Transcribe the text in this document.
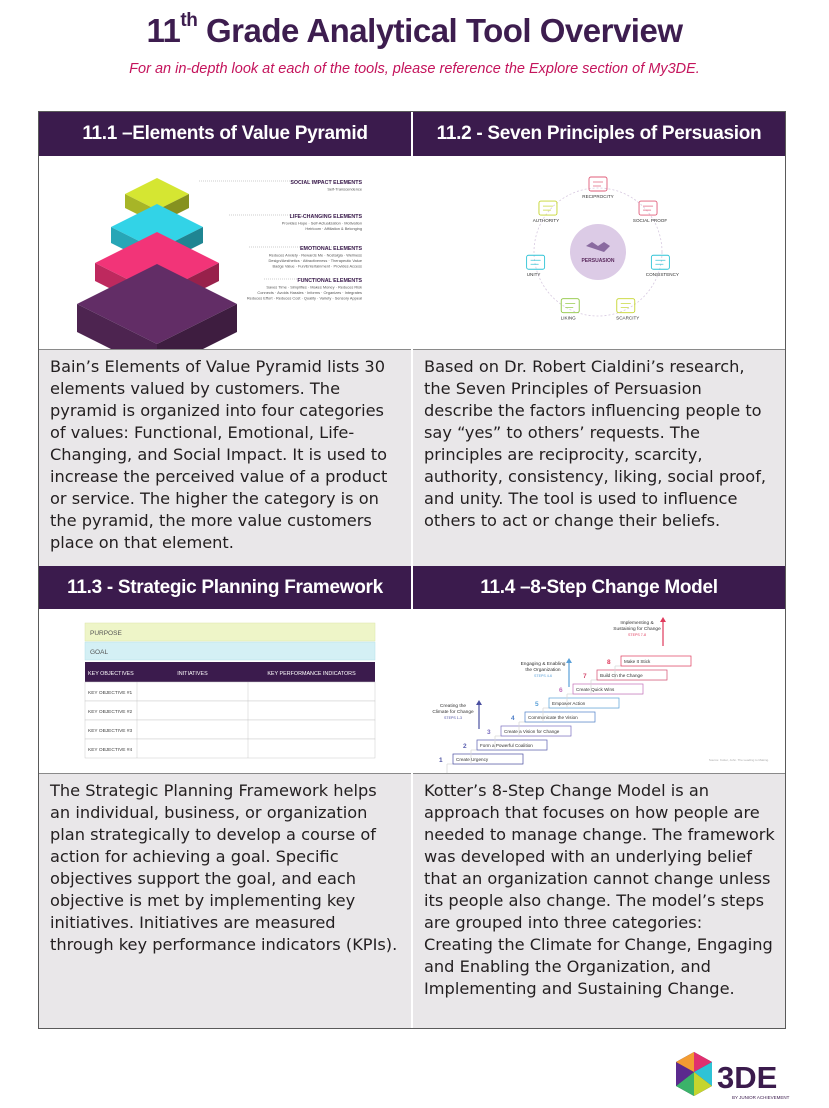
11th Grade Analytical Tool Overview
For an in-depth look at each of the tools, please reference the Explore section of My3DE.
11.1 –Elements of Value Pyramid	11.2 - Seven Principles of Persuasion
SOCIAL IMPACT ELEMENTS
Self-Transcendence
LIFE-CHANGING ELEMENTS
Provides Hope · Self-Actualization · Motivation
Heirloom · Affiliation & Belonging
EMOTIONAL ELEMENTS
Reduces Anxiety · Rewards Me · Nostalgia · Wellness
Design/Aesthetics · Attractiveness · Therapeutic Value
Badge Value · Fun/Entertainment · Provides Access
FUNCTIONAL ELEMENTS
Saves Time · Simplifies · Makes Money · Reduces Risk
Connects · Avoids Hassles · Informs · Organizes · Integrates
Reduces Effort · Reduces Cost · Quality · Variety · Sensory Appeal
PERSUASION
RECIPROCITY
SOCIAL PROOF
CONSISTENCY
SCARCITY
LIKING
UNITY
AUTHORITY
Bain’s Elements of Value Pyramid lists 30 elements valued by customers. The pyramid is organized into four categories of values: Functional, Emotional, Life-Changing, and Social Impact. It is used to increase the perceived value of a product or service. The higher the category is on the pyramid, the more value customers place on that element.
Based on Dr. Robert Cialdini’s research, the Seven Principles of Persuasion describe the factors influencing people to say “yes” to others’ requests. The principles are reciprocity, scarcity, authority, consistency, liking, social proof, and unity. The tool is used to influence others to act or change their beliefs.
11.3 - Strategic Planning Framework	11.4 –8-Step Change Model
PURPOSE
GOAL
KEY OBJECTIVES	INITIATIVES	KEY PERFORMANCE INDICATORS
KEY OBJECTIVE #1
KEY OBJECTIVE #2
KEY OBJECTIVE #3
KEY OBJECTIVE #4
1	Create Urgency
2	Form a Powerful Coalition
3	Create a Vision for Change
4	Communicate the Vision
5	Empower Action
6	Create Quick Wins
7	Build On the Change
8	Make It Stick
Creating the
Climate for Change
STEPS 1-3
Engaging & Enabling
the Organization
STEPS 4-6
Implementing &
Sustaining for Change
STEPS 7-8
Source: Kotter, John. The Leading to Making.
The Strategic Planning Framework helps an individual, business, or organization plan strategically to develop a course of action for achieving a goal. Specific objectives support the goal, and each objective is met by implementing key initiatives. Initiatives are measured through key performance indicators (KPIs).
Kotter’s 8-Step Change Model is an approach that focuses on how people are needed to manage change. The framework was developed with an underlying belief that an organization cannot change unless its people also change. The model’s steps are grouped into three categories: Creating the Climate for Change, Engaging and Enabling the Organization, and Implementing and Sustaining Change.
3DE
BY JUNIOR ACHIEVEMENT
